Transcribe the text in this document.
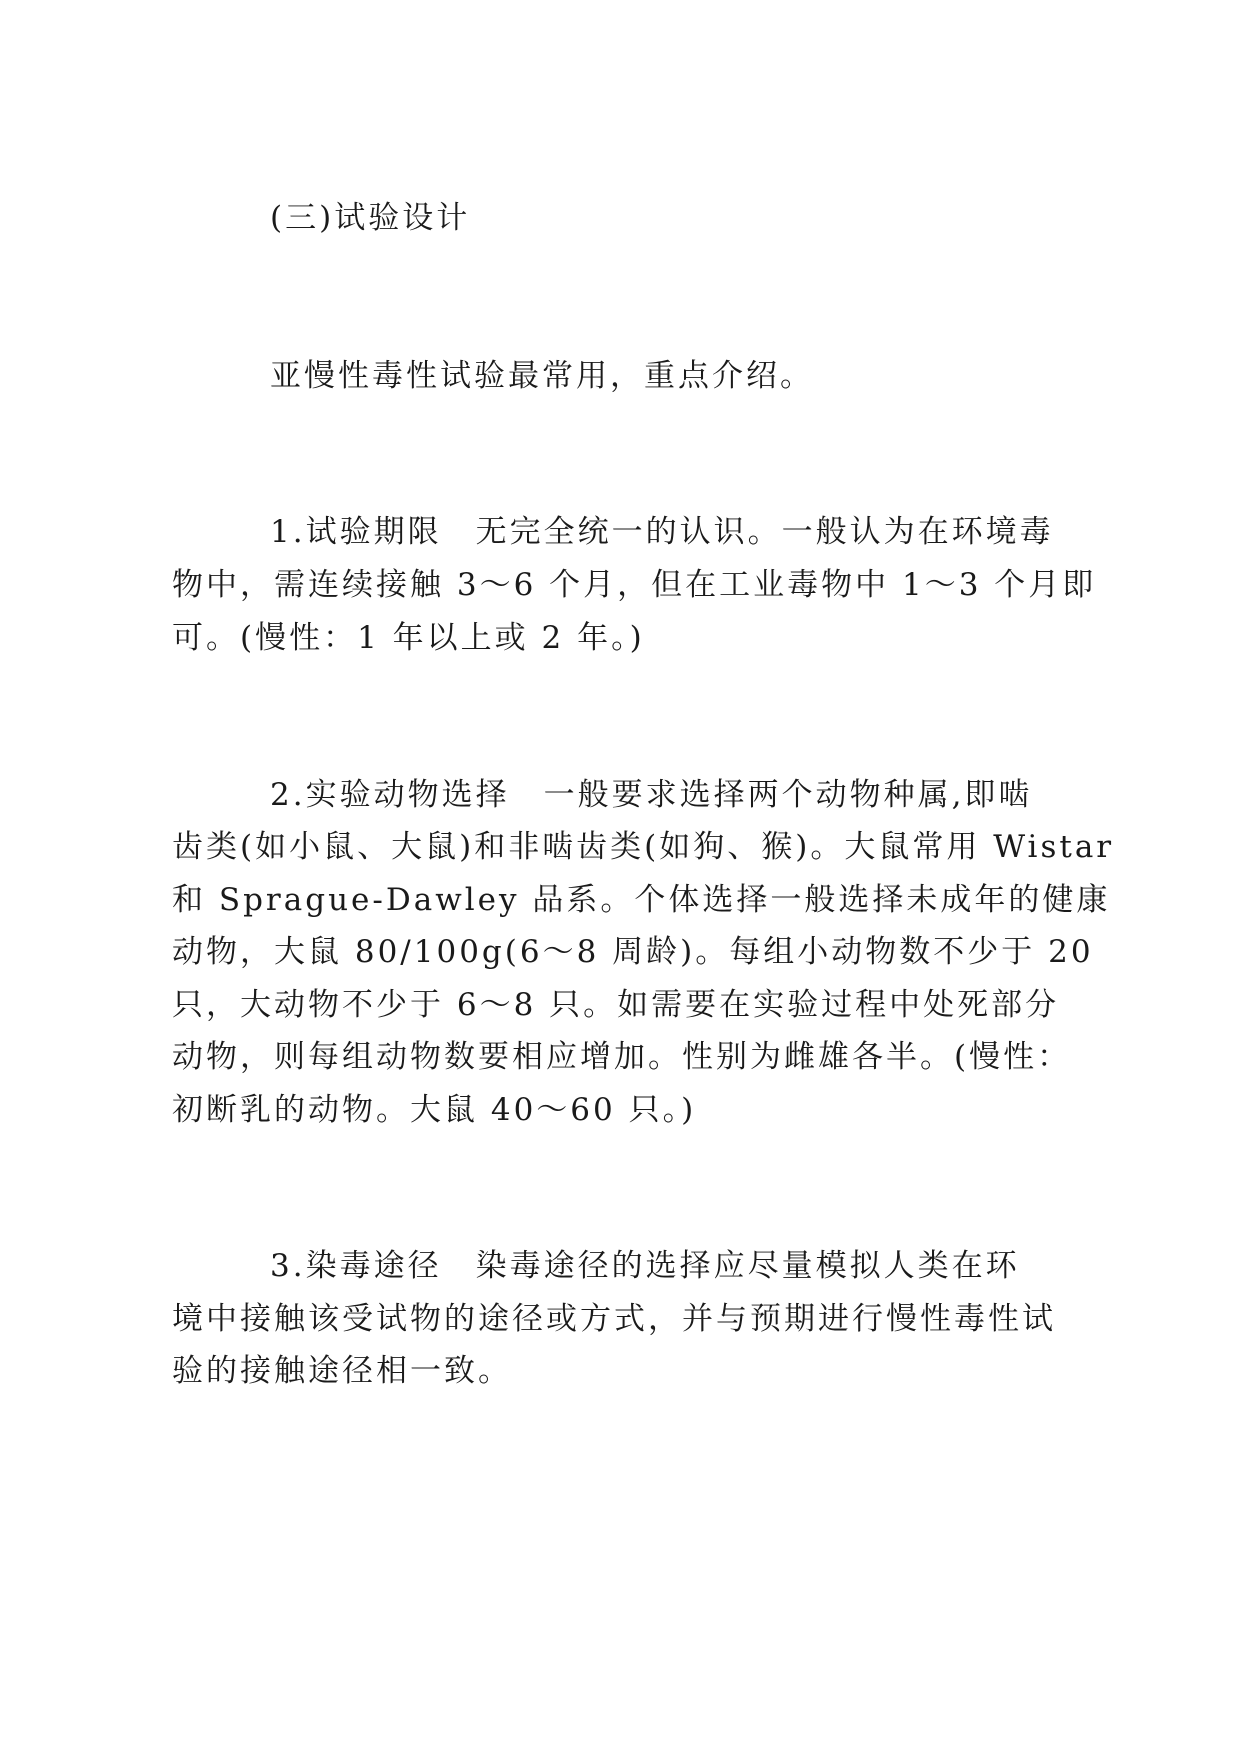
(三)试验设计
亚慢性毒性试验最常用，重点介绍。
1.试验期限　无完全统一的认识。一般认为在环境毒
物中，需连续接触 3～6 个月，但在工业毒物中 1～3 个月即
可。(慢性：1 年以上或 2 年。)
2.实验动物选择　一般要求选择两个动物种属,即啮
齿类(如小鼠、大鼠)和非啮齿类(如狗、猴)。大鼠常用 Wistar
和 Sprague-Dawley 品系。个体选择一般选择未成年的健康
动物，大鼠 80/100g(6～8 周龄)。每组小动物数不少于 20
只，大动物不少于 6～8 只。如需要在实验过程中处死部分
动物，则每组动物数要相应增加。性别为雌雄各半。(慢性：
初断乳的动物。大鼠 40～60 只。)
3.染毒途径　染毒途径的选择应尽量模拟人类在环
境中接触该受试物的途径或方式，并与预期进行慢性毒性试
验的接触途径相一致。
